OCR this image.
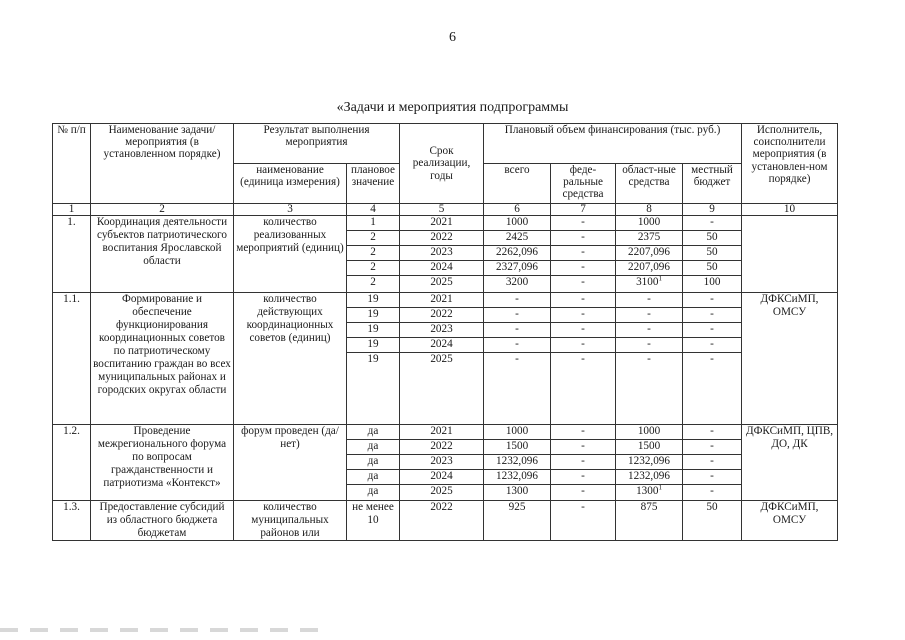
6
«Задачи и мероприятия подпрограммы
№ п/п	Наименование задачи/мероприятия (в установленном порядке)	Результат выполнения мероприятия		Срок реализации, годы	Плановый объем финансирования (тыс. руб.)				Исполнитель, соисполнители мероприятия (в установлен-ном порядке)
		наименование (единица измерения)	плановое значение		всего	феде-ральные средства	област-ные средства	местный бюджет	
1	2	3	4	5	6	7	8	9	10
1.	Координация деятельности субъектов патриотического воспитания Ярославской области	количество реализованных мероприятий (единиц)	1	2021	1000	-	1000	-	
			2	2022	2425	-	2375	50	
			2	2023	2262,096	-	2207,096	50	
			2	2024	2327,096	-	2207,096	50	
			2	2025	3200	-	3100$^1$	100	
1.1.	Формирование и обеспечение функционирования координационных советов по патриотическому воспитанию граждан во всех муниципальных районах и городских округах области	количество действующих координационных советов (единиц)	19	2021	-	-	-	-	ДФКСиМП, ОМСУ
			19	2022	-	-	-	-	
			19	2023	-	-	-	-	
			19	2024	-	-	-	-	
			19	2025	-	-	-	-	
1.2.	Проведение межрегионального форума по вопросам гражданственности и патриотизма «Контекст»	форум проведен (да/нет)	да	2021	1000	-	1000	-	ДФКСиМП, ЦПВ, ДО, ДК
			да	2022	1500	-	1500	-	
			да	2023	1232,096	-	1232,096	-	
			да	2024	1232,096	-	1232,096	-	
			да	2025	1300	-	1300$^1$	-	
1.3.	Предоставление субсидий из областного бюджета бюджетам	количество муниципальных районов или	не менее 10	2022	925	-	875	50	ДФКСиМП, ОМСУ
